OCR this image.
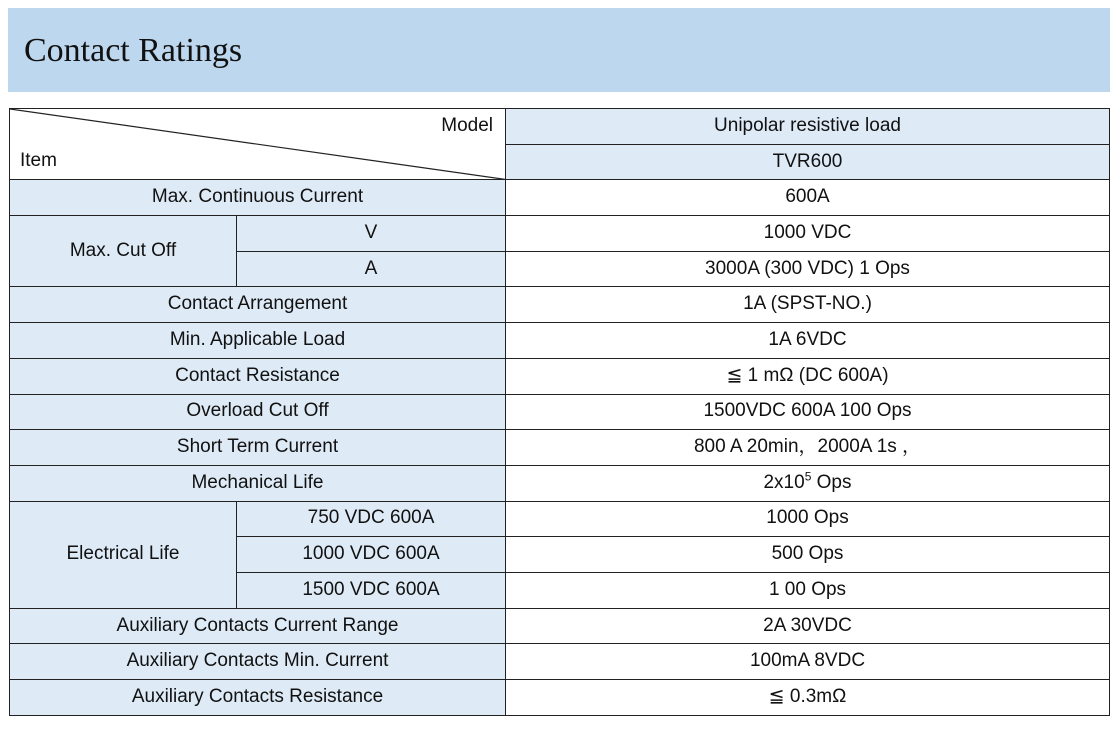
Contact Ratings
Model
Item		Unipolar resistive load
		TVR600
Max. Continuous Current		600A
Max. Cut Off	V	1000 VDC
	A	3000A (300 VDC) 1 Ops
Contact Arrangement		1A (SPST-NO.)
Min. Applicable Load		1A 6VDC
Contact Resistance		≦ 1 mΩ (DC 600A)
Overload Cut Off		1500VDC 600A 100 Ops
Short Term Current		800 A 20min，2000A 1s ，
Mechanical Life		$2x10^5$ Ops
Electrical Life	750 VDC 600A	1000 Ops
	1000 VDC 600A	500 Ops
	1500 VDC 600A	1 00 Ops
Auxiliary Contacts Current Range		2A 30VDC
Auxiliary Contacts Min. Current		100mA 8VDC
Auxiliary Contacts Resistance		≦ 0.3mΩ
